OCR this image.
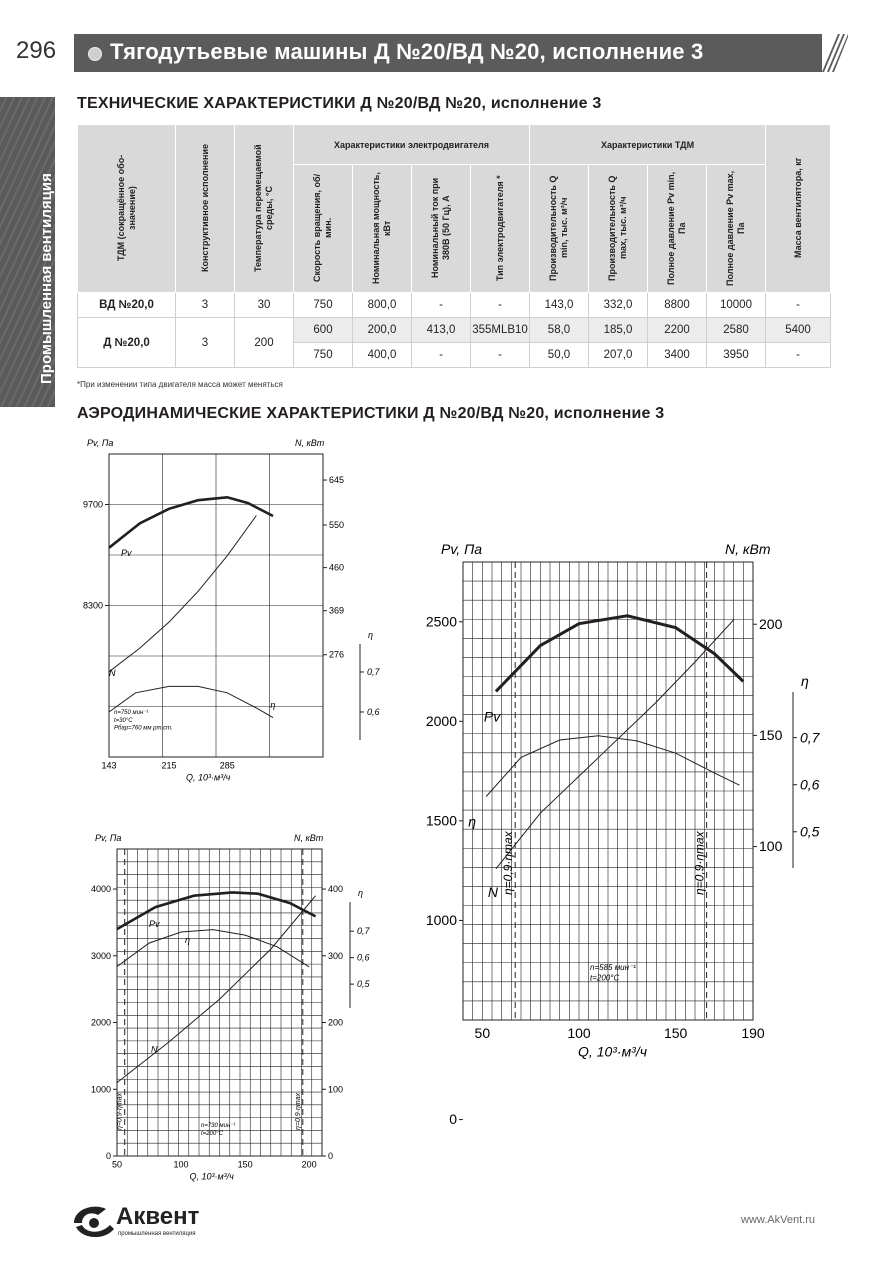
296 Тягодутьевые машины Д №20/ВД №20, исполнение 3
Промышленная вентиляция
ТЕХНИЧЕСКИЕ ХАРАКТЕРИСТИКИ Д №20/ВД №20, исполнение 3
ТДМ (сокращённое обо-значение)	Конструктивное исполнение	Температура перемещаемой среды, °С	Характеристики электродвигателя				Характеристики ТДМ				Масса вентилятора, кг
			Скорость вращения, об/мин.	Номинальная мощность, кВт	Номинальный ток при 380В (50 Гц), А	Тип электродвигателя *	Производительность Q min, тыс. м³/ч	Производительность Q max, тыс. м³/ч	Полное давление Pv min, Па	Полное давление Pv max, Па	
ВД №20,0	3	30	750	800,0	-	-	143,0	332,0	8800	10000	-
Д №20,0	3	200	600	200,0	413,0	355MLB10	58,0	185,0	2200	2580	5400
			750	400,0	-	-	50,0	207,0	3400	3950	-
*При изменении типа двигателя масса может меняться
АЭРОДИНАМИЧЕСКИЕ ХАРАКТЕРИСТИКИ Д №20/ВД №20, исполнение 3
Pv, Па	N, кВт
Q, 10³·м³/ч
143	215	285
8300
9700
276
369
460
550
645
η
0,6
0,7
Pv
N
η
n=750 мин⁻¹
t=30°C
Pбар=760 мм рт.ст.
Pv, Па	N, кВт
Q, 10³·м³/ч
50	100	150	200
0
1000
2000
3000
4000
0
100
200
300
400 η
0,5
0,6
0,7
Pv
N
η
n=730 мин⁻¹
t=200°C
η=0,9·ηmax	η=0,9·ηmax
Pv, Па	N, кВт
Q, 10³·м³/ч
50	100	150	190
0
1000
1500
2000
2500
100
150
200
η
0,5
0,6
0,7
Pv
N
η
n=585 мин⁻¹
t=200°C
η=0,9·ηmax	η=0,9·ηmax
Аквент
промышленная вентиляция
www.AkVent.ru
